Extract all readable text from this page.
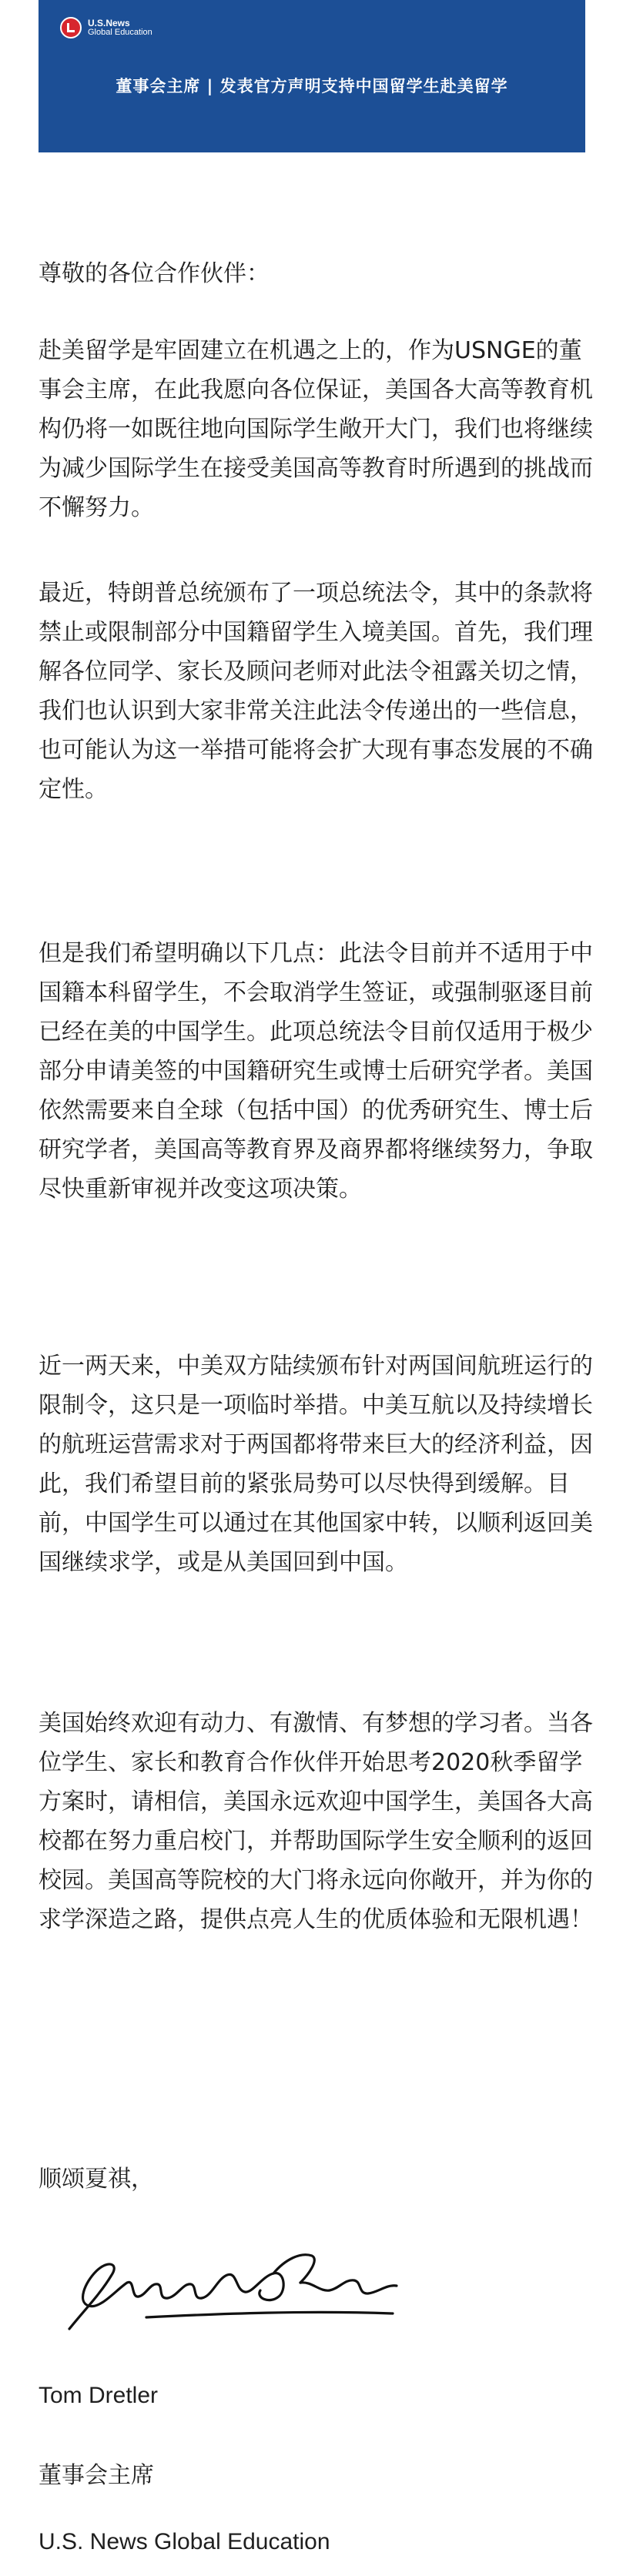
U.S.News
Global Education
董事会主席 | 发表官方声明支持中国留学生赴美留学

尊敬的各位合作伙伴：

赴美留学是牢固建立在机遇之上的，作为USNGE的董事会主席，在此我愿向各位保证，美国各大高等教育机构仍将一如既往地向国际学生敞开大门，我们也将继续为减少国际学生在接受美国高等教育时所遇到的挑战而不懈努力。

最近，特朗普总统颁布了一项总统法令，其中的条款将禁止或限制部分中国籍留学生入境美国。首先，我们理解各位同学、家长及顾问老师对此法令祖露关切之情，我们也认识到大家非常关注此法令传递出的一些信息，也可能认为这一举措可能将会扩大现有事态发展的不确定性。

但是我们希望明确以下几点：此法令目前并不适用于中国籍本科留学生，不会取消学生签证，或强制驱逐目前已经在美的中国学生。此项总统法令目前仅适用于极少部分申请美签的中国籍研究生或博士后研究学者。美国依然需要来自全球（包括中国）的优秀研究生、博士后研究学者，美国高等教育界及商界都将继续努力，争取尽快重新审视并改变这项决策。

近一两天来，中美双方陆续颁布针对两国间航班运行的限制令，这只是一项临时举措。中美互航以及持续增长的航班运营需求对于两国都将带来巨大的经济利益，因此，我们希望目前的紧张局势可以尽快得到缓解。目前，中国学生可以通过在其他国家中转，以顺利返回美国继续求学，或是从美国回到中国。

美国始终欢迎有动力、有激情、有梦想的学习者。当各位学生、家长和教育合作伙伴开始思考2020秋季留学方案时，请相信，美国永远欢迎中国学生，美国各大高校都在努力重启校门，并帮助国际学生安全顺利的返回校园。美国高等院校的大门将永远向你敞开，并为你的求学深造之路，提供点亮人生的优质体验和无限机遇！

顺颂夏祺，

Tom Dretler

董事会主席

U.S. News Global Education
